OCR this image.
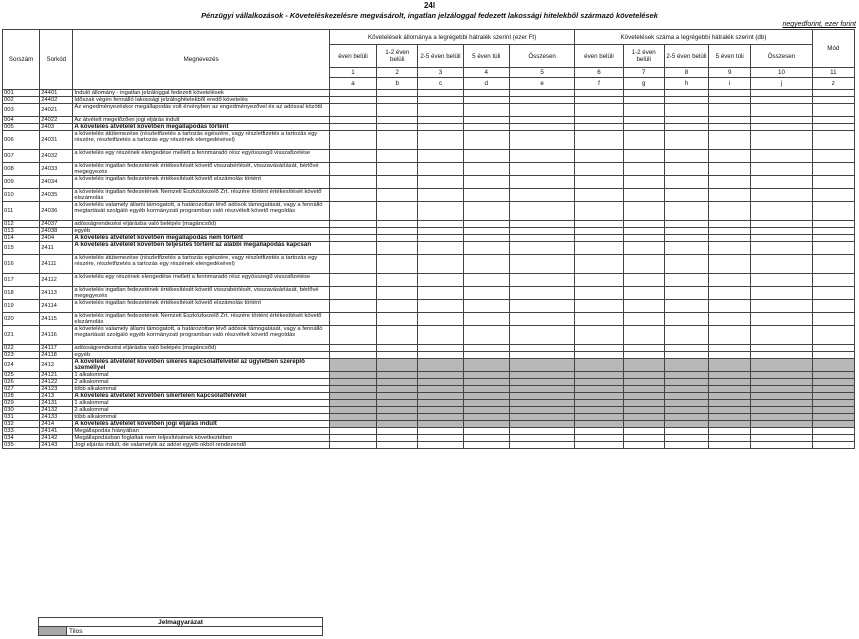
24l
Pénzügyi vállalkozások - Követeléskezelésre megvásárolt, ingatlan jelzáloggal fedezett lakossági hitelekből származó követelések
negyedforint, ezer forint
Sorszám	Sorkód	Megnevezés	Követelések állománya a legrégebbi hátralék szerint (ezer Ft)					Követelések száma a legrégebbi hátralék szerint (db)					Mód
			éven belüli	1-2 éven belüli	2-5 éven belüli	5 éven túli	Összesen	éven belüli	1-2 éven belüli	2-5 éven belüli	5 éven túli	Összesen	
			1	2	3	4	5	6	7	8	9	10	11
			a	b	c	d	e	f	g	h	i	j	z
001	24401	Induló állomány - ingatlan jelzáloggal fedezett követelések											
002	24402	Időszak végén fennálló lakossági jelzáloghitelekből eredő követelés											
003	24021	Az engedményezéskor megállapodás volt érvényben az engedményezővel és az adóssal közötti											
004	24022	Az átvételt megelőzően jogi eljárás indult											
005	2403	A követelés átvételét követően megállapodás történt											
006	24031	a követelés átütemezése (részletfizetés a tartozás egészére, vagy részletfizetés a tartozás egy részére, részletfizetés a tartozás egy részének elengedésével)											
007	24032	a követelés egy részének elengedése mellett a fennmaradó rész egyösszegű visszafizetése											
008	24033	a követelés ingatlan fedezetének értékesítését követő visszabérlését, visszavásárlását, bérlővé megegyezés											
009	24034	a követelés ingatlan fedezetének értékesítését követő elszámolás történt											
010	24035	a követelés ingatlan fedezetének Nemzeti Eszközkezelő Zrt. részére történt értékesítését követő elszámolás											
011	24036	a követelés valamely állami támogatott, a határozottan lévő adósok támogatását, vagy a fennálló megtartását szolgáló egyéb kormányzati programban való részvételt követő megoldás											
012	24037	adósságrendezési eljárásba való belépés (magáncsőd)											
013	24038	egyéb											
014	2404	A követelés átvételét követően megállapodás nem történt											
015	2411	A követelés átvételét követően teljesítés történt az alábbi megállapodás kapcsán											
016	24111	a követelés átütemezése (részletfizetés a tartozás egészére, vagy részletfizetés a tartozás egy részére, részletfizetés a tartozás egy részének elengedésével)											
017	24112	a követelés egy részének elengedése mellett a fennmaradó rész egyösszegű visszafizetése											
018	24113	a követelés ingatlan fedezetének értékesítését követő visszabérlését, visszavásárlását, bérlővé megegyezés											
019	24114	a követelés ingatlan fedezetének értékesítését követő elszámolás történt											
020	24115	a követelés ingatlan fedezetének Nemzeti Eszközkezelő Zrt. részére történt értékesítését követő elszámolás											
021	24116	a követelés valamely állami támogatott, a határozottan lévő adósok támogatását, vagy a fennálló megtartását szolgáló egyéb kormányzati programban való részvételt követő megoldás											
022	24117	adósságrendezési eljárásba való belépés (magáncsőd)											
023	24118	egyéb											
024	2412	A követelés átvételét követően sikeres kapcsolatfelvétel az ügyletben szereplő személlyel											
025	24121	1 alkalommal											
026	24122	2 alkalommal											
027	24123	több alkalommal											
028	2413	A követelés átvételét követően sikertelen kapcsolatfelvétel											
029	24131	1 alkalommal											
030	24132	2 alkalommal											
031	24133	több alkalommal											
032	2414	A követelés átvételét követően jogi eljárás indult											
033	24141	Megállapodás hiányában											
034	24142	Megállapodásban foglaltak nem teljesítésének következtében											
035	24143	Jogi eljárás indult, de valamelyik az adóst egyéb okból rendezendő											
Jelmagyarázat
	Tilos
